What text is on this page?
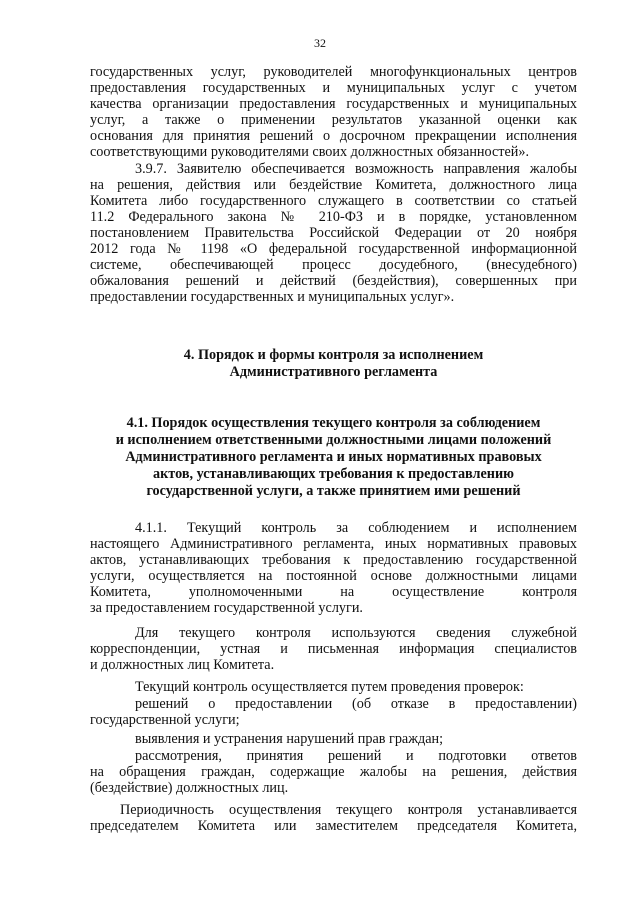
32
государственных услуг, руководителей многофункциональных центров
предоставления государственных и муниципальных услуг с учетом
качества организации предоставления государственных и муниципальных
услуг, а также о применении результатов указанной оценки как
основания для принятия решений о досрочном прекращении исполнения
соответствующими руководителями своих должностных обязанностей».
3.9.7. Заявителю обеспечивается возможность направления жалобы
на решения, действия или бездействие Комитета, должностного лица
Комитета либо государственного служащего в соответствии со статьей
11.2 Федерального закона № 210-ФЗ и в порядке, установленном
постановлением Правительства Российской Федерации от 20 ноября
2012 года № 1198 «О федеральной государственной информационной
системе, обеспечивающей процесс досудебного, (внесудебного)
обжалования решений и действий (бездействия), совершенных при
предоставлении государственных и муниципальных услуг».
4. Порядок и формы контроля за исполнением
Административного регламента
4.1. Порядок осуществления текущего контроля за соблюдением
и исполнением ответственными должностными лицами положений
Административного регламента и иных нормативных правовых
актов, устанавливающих требования к предоставлению
государственной услуги, а также принятием ими решений
4.1.1. Текущий контроль за соблюдением и исполнением
настоящего Административного регламента, иных нормативных правовых
актов, устанавливающих требования к предоставлению государственной
услуги, осуществляется на постоянной основе должностными лицами
Комитета, уполномоченными на осуществление контроля
за предоставлением государственной услуги.
Для текущего контроля используются сведения служебной
корреспонденции, устная и письменная информация специалистов
и должностных лиц Комитета.
Текущий контроль осуществляется путем проведения проверок:
решений о предоставлении (об отказе в предоставлении)
государственной услуги;
выявления и устранения нарушений прав граждан;
рассмотрения, принятия решений и подготовки ответов
на обращения граждан, содержащие жалобы на решения, действия
(бездействие) должностных лиц.
Периодичность осуществления текущего контроля устанавливается
председателем Комитета или заместителем председателя Комитета,
